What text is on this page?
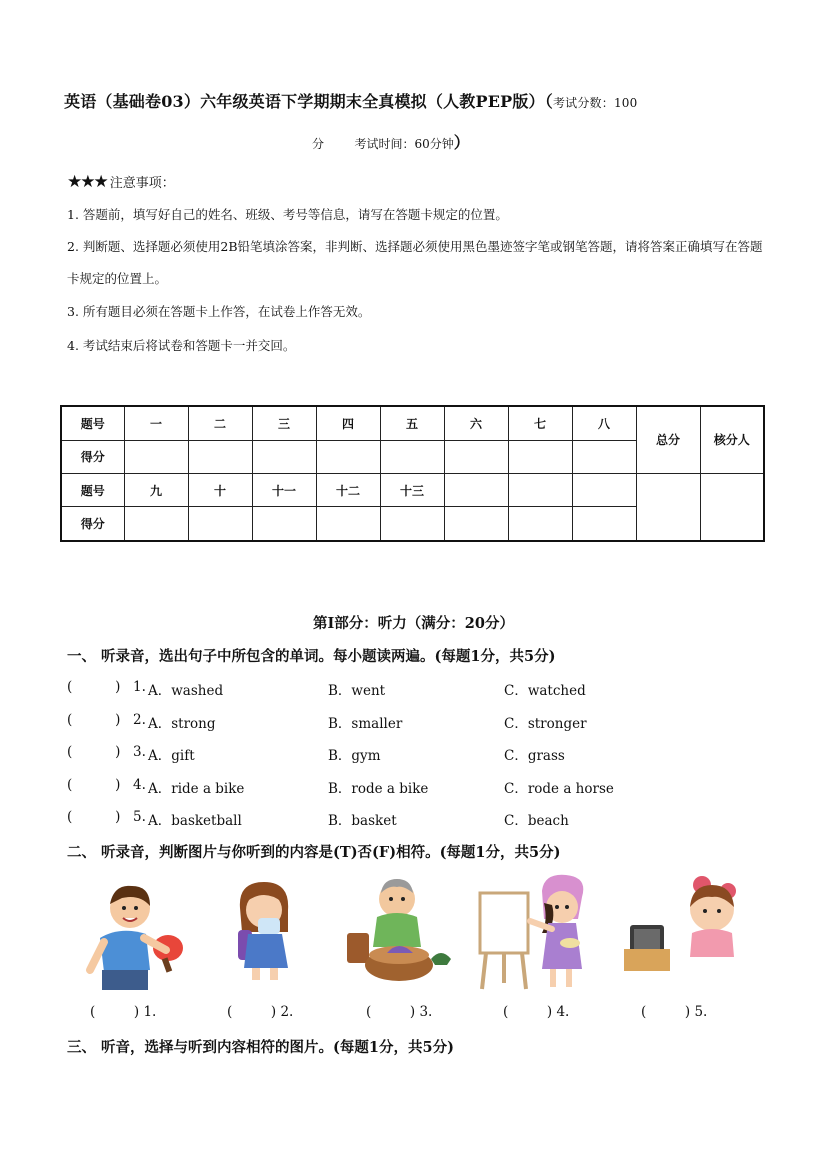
英语（基础卷03）六年级英语下学期期末全真模拟（人教PEP版）（考试分数：100
分        考试时间：60分钟）
★★★ 注意事项：
1. 答题前，填写好自己的姓名、班级、考号等信息，请写在答题卡规定的位置。
2. 判断题、选择题必须使用2B铅笔填涂答案，非判断、选择题必须使用黑色墨迹签字笔或钢笔答题，请将答案正确填写在答题卡规定的位置上。
3. 所有题目必须在答题卡上作答，在试卷上作答无效。
4. 考试结束后将试卷和答题卡一并交回。
题号	一	二	三	四	五	六	七	八	总分	核分人
得分										
题号	九	十	十一	十二	十三					
得分										
第Ⅰ部分：听力（满分：20分）
一、 听录音，选出句子中所包含的单词。每小题读两遍。(每题1分，共5分)
(          ) 1. A．washed	B．went	C．watched
(          ) 2. A．strong	B．smaller	C．stronger
(          ) 3. A．gift	B．gym	C．grass
(          ) 4. A．ride a bike	B．rode a bike	C．rode a horse
(          ) 5. A．basketball	B．basket	C．beach
二、 听录音，判断图片与你听到的内容是(T)否(F)相符。(每题1分，共5分)
(         ) 1.	(         ) 2.	(         ) 3.	(         ) 4.	(         ) 5.
三、 听音，选择与听到内容相符的图片。(每题1分，共5分)
